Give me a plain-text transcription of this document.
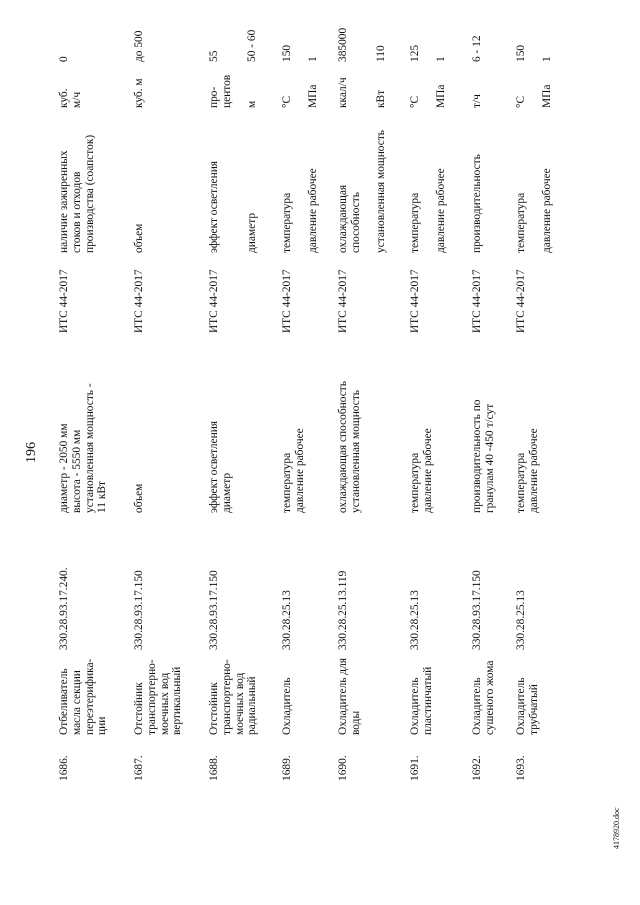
196
1686.
Отбеливатель масла секции переэтерифика- ции
330.28.93.17.240.
диаметр - 2050 мм высота - 5550 мм установленная мощность - 11 кВт
ИТС 44-2017
наличие зажиренных стоков и отходов производства (соапсток)
куб. м/ч
0
1687.
Отстойник транспортерно- моечных вод вертикальный
330.28.93.17.150
объем
ИТС 44-2017
объем
куб. м
до 500
1688.
Отстойник транспортерно- моечных вод радиальный
330.28.93.17.150
эффект осветления диаметр
ИТС 44-2017
эффект осветления диаметр
про- центов м
55 50 - 60
1689.
Охладитель
330.28.25.13
температура давление рабочее
ИТС 44-2017
температура давление рабочее
°С МПа
150 1
1690.
Охладитель для воды
330.28.25.13.119
охлаждающая способность установленная мощность
ИТС 44-2017
охлаждающая способность установленная мощность
ккал/ч кВт
385000 110
1691.
Охладитель пластинчатый
330.28.25.13
температура давление рабочее
ИТС 44-2017
температура давление рабочее
°С МПа
125 1
1692.
Охладитель сушеного жома
330.28.93.17.150
производительность по гранулам 40 -450 т/сут
ИТС 44-2017
производительность
т/ч
6 - 12
1693.
Охладитель трубчатый
330.28.25.13
температура давление рабочее
ИТС 44-2017
температура давление рабочее
°С МПа
150 1
4178920.doc
